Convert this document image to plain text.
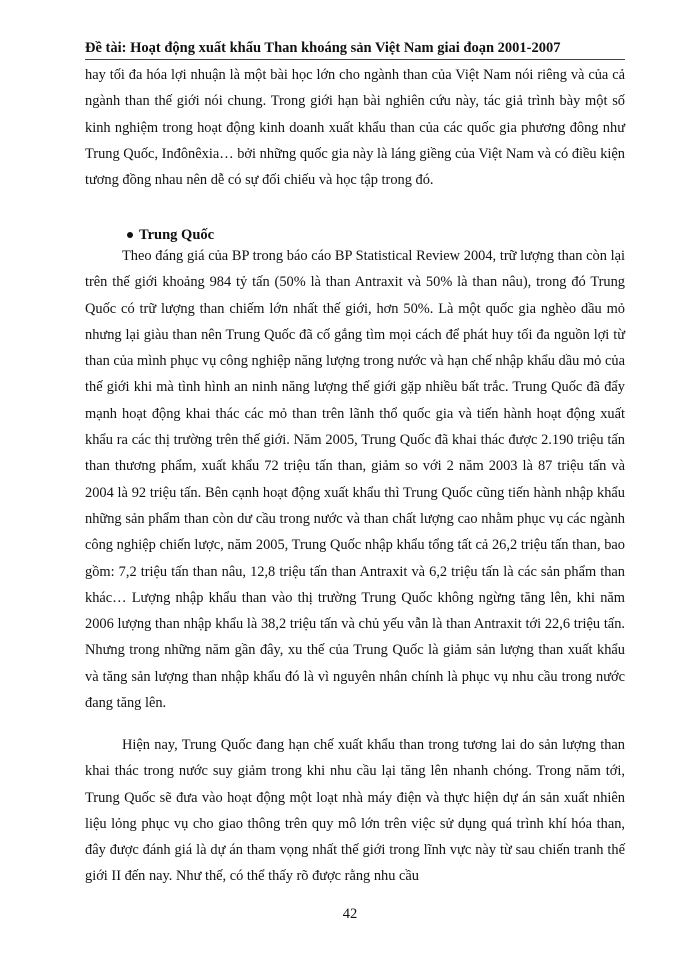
Đề tài: Hoạt động xuất khẩu Than khoáng sản Việt Nam giai đoạn 2001-2007

hay tối đa hóa lợi nhuận là một bài học lớn cho ngành than của Việt Nam nói riêng và của cả ngành than thế giới nói chung. Trong giới hạn bài nghiên cứu này, tác giả trình bày một số kinh nghiệm trong hoạt động kinh doanh xuất khẩu than của các quốc gia phương đông như Trung Quốc, Inđônêxia… bởi những quốc gia này là láng giềng của Việt Nam và có điều kiện tương đồng nhau nên dễ có sự đối chiếu và học tập trong đó.

Trung Quốc

Theo đáng giá của BP trong báo cáo BP Statistical Review 2004, trữ lượng than còn lại trên thế giới khoảng 984 tỷ tấn (50% là than Antraxit và 50% là than nâu), trong đó Trung Quốc có trữ lượng than chiếm lớn nhất thế giới, hơn 50%. Là một quốc gia nghèo dầu mỏ nhưng lại giàu than nên Trung Quốc đã cố gắng tìm mọi cách để phát huy tối đa nguồn lợi từ than của mình phục vụ công nghiệp năng lượng trong nước và hạn chế nhập khẩu dầu mỏ của thế giới khi mà tình hình an ninh năng lượng thế giới gặp nhiều bất trắc. Trung Quốc đã đẩy mạnh hoạt động khai thác các mỏ than trên lãnh thổ quốc gia và tiến hành hoạt động xuất khẩu ra các thị trường trên thế giới. Năm 2005, Trung Quốc đã khai thác được 2.190 triệu tấn than thương phẩm, xuất khẩu 72 triệu tấn than, giảm so với 2 năm 2003 là 87 triệu tấn và 2004 là 92 triệu tấn. Bên cạnh hoạt động xuất khẩu thì Trung Quốc cũng tiến hành nhập khẩu những sản phẩm than còn dư cầu trong nước và than chất lượng cao nhằm phục vụ các ngành công nghiệp chiến lược, năm 2005, Trung Quốc nhập khẩu tổng tất cả 26,2 triệu tấn than, bao gồm: 7,2 triệu tấn than nâu, 12,8 triệu tấn than Antraxit và 6,2 triệu tấn là các sản phẩm than khác… Lượng nhập khẩu than vào thị trường Trung Quốc không ngừng tăng lên, khi năm 2006 lượng than nhập khẩu là 38,2 triệu tấn và chủ yếu vẫn là than Antraxit tới 22,6 triệu tấn. Nhưng trong những năm gần đây, xu thế của Trung Quốc là giảm sản lượng than xuất khẩu và tăng sản lượng than nhập khẩu đó là vì nguyên nhân chính là phục vụ nhu cầu trong nước đang tăng lên.

Hiện nay, Trung Quốc đang hạn chế xuất khẩu than trong tương lai do sản lượng than khai thác trong nước suy giảm trong khi nhu cầu lại tăng lên nhanh chóng. Trong năm tới, Trung Quốc sẽ đưa vào hoạt động một loạt nhà máy điện và thực hiện dự án sản xuất nhiên liệu lỏng phục vụ cho giao thông trên quy mô lớn trên việc sử dụng quá trình khí hóa than, đây được đánh giá là dự án tham vọng nhất thế giới trong lĩnh vực này từ sau chiến tranh thế giới II đến nay. Như thế, có thể thấy rõ được rằng nhu cầu

42
